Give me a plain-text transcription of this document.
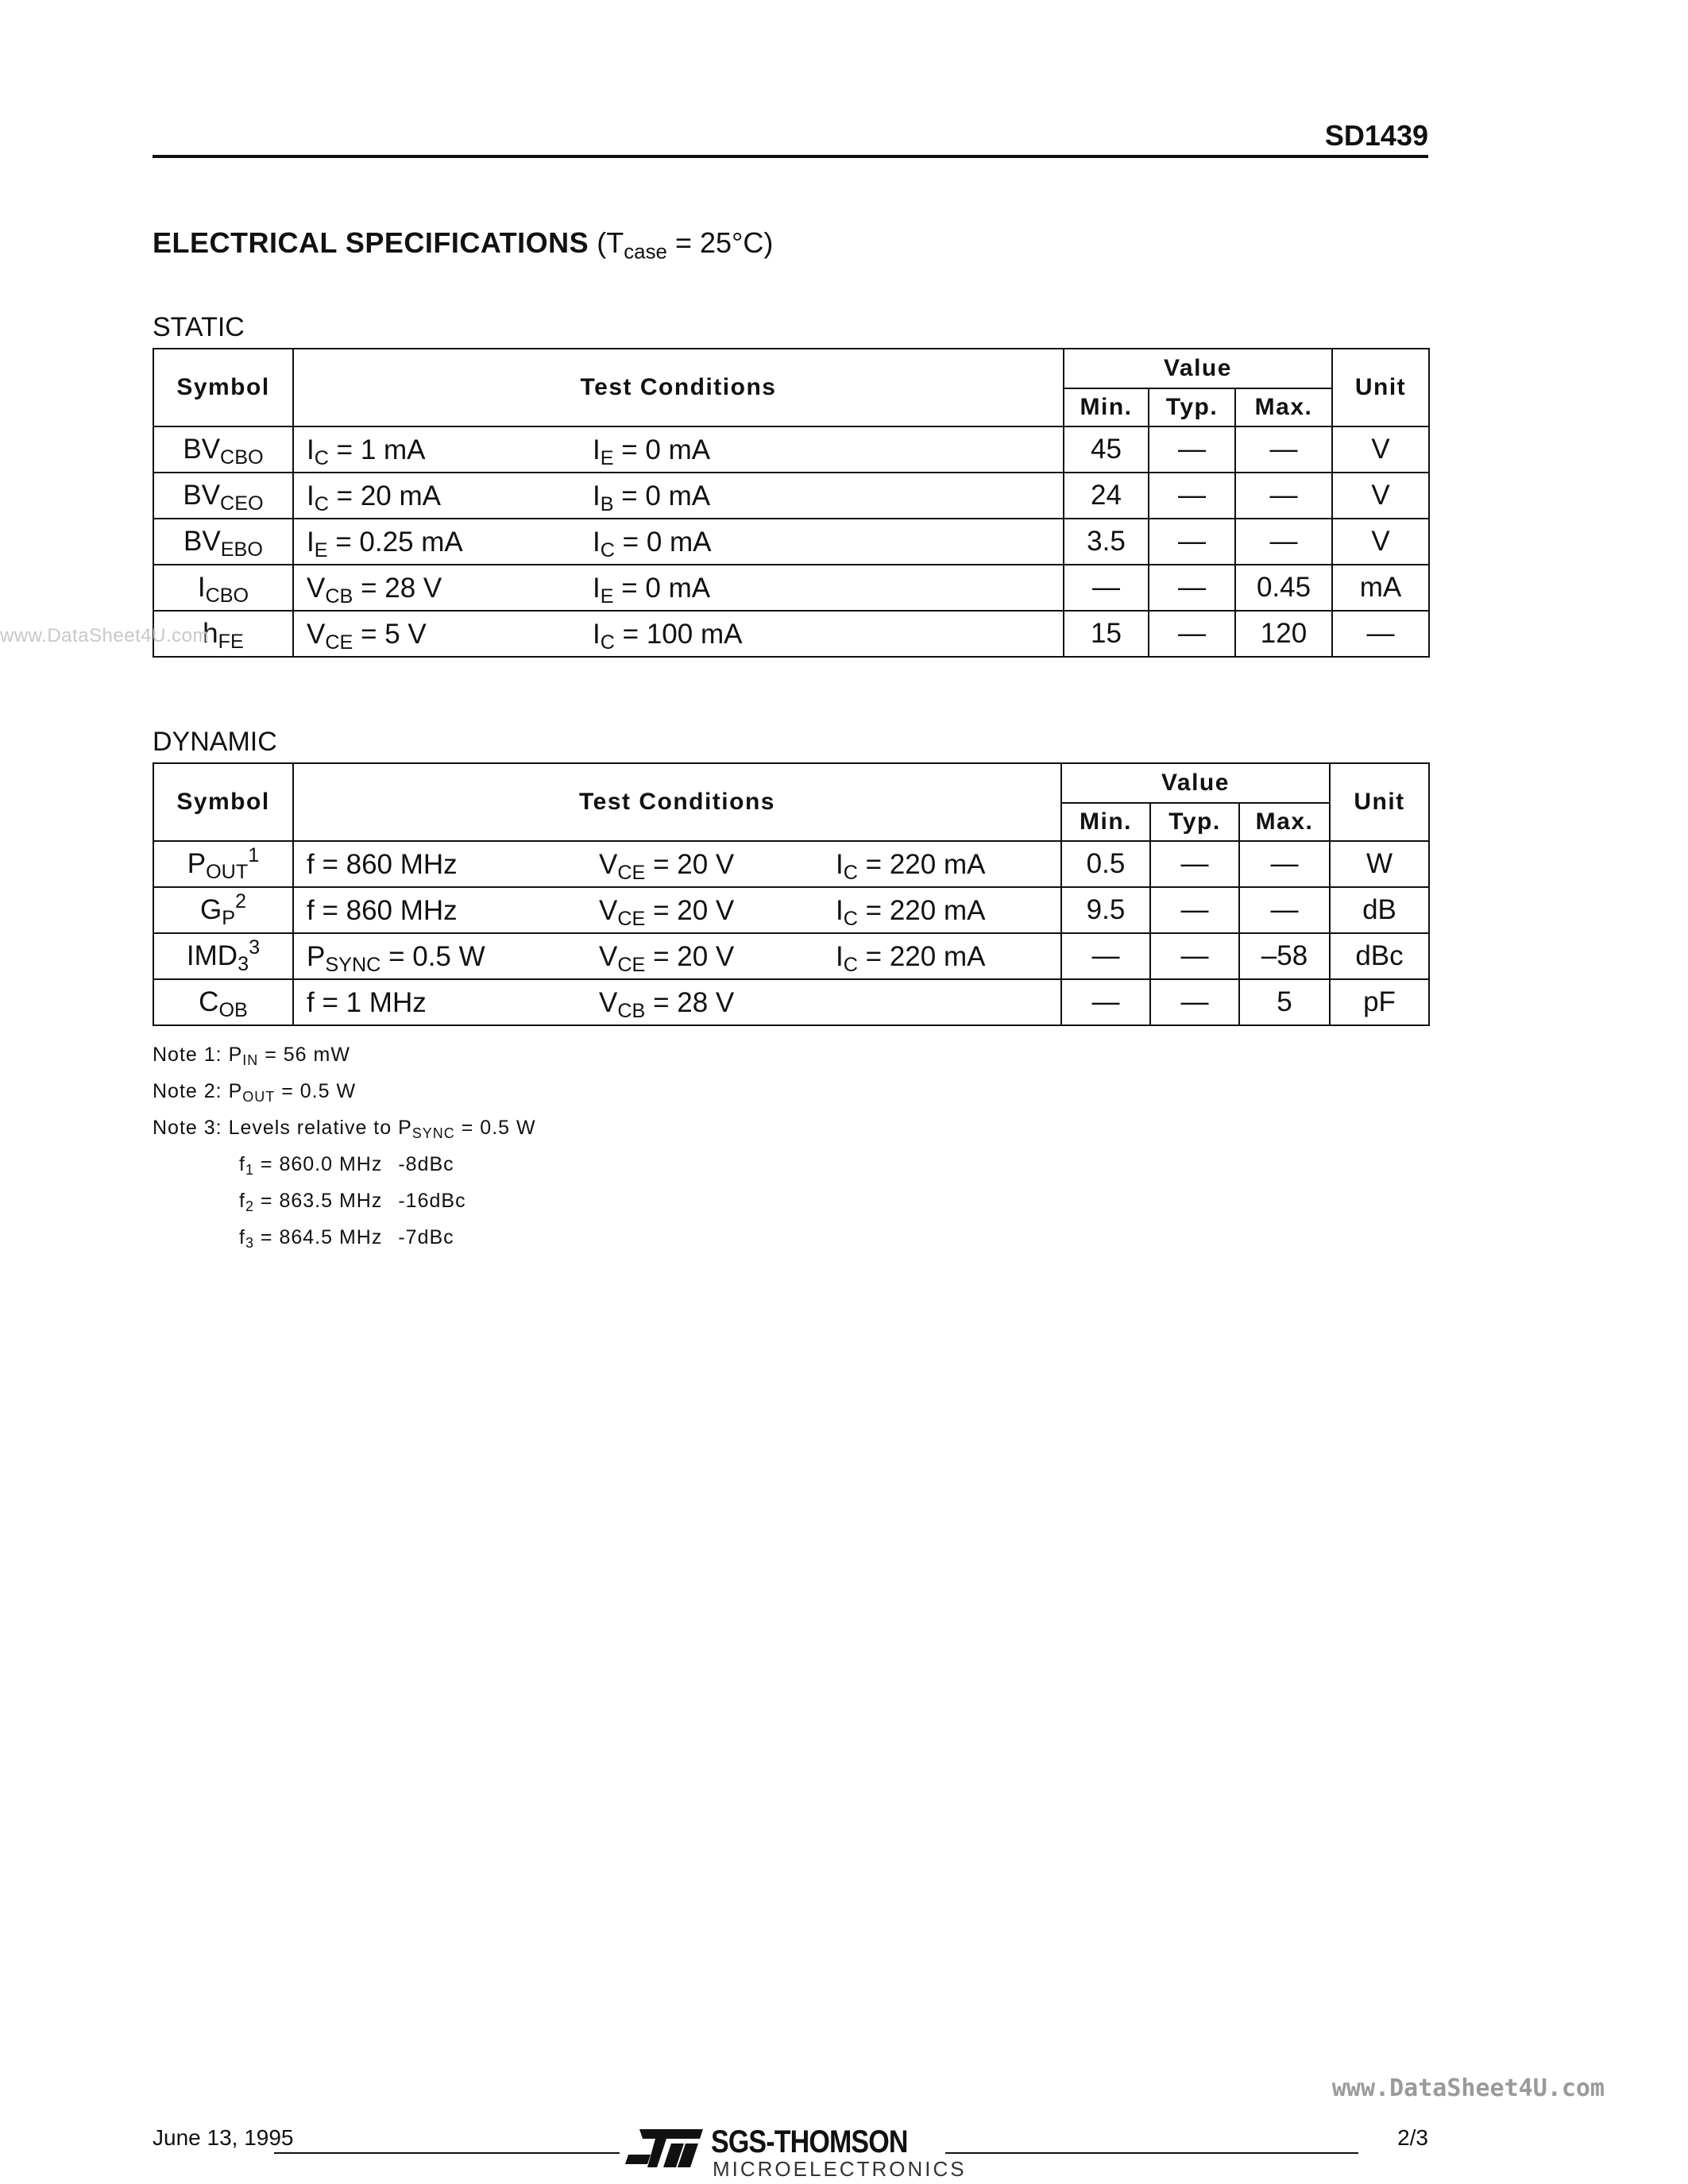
SD1439
ELECTRICAL SPECIFICATIONS $(T_{case} = 25^\circ C)$
STATIC
Symbol	Test Conditions	Value			Unit
		Min.	Typ.	Max.	
$BV_{CBO}$	$I_C = 1$ mA $I_E = 0$ mA	45	—	—	V
$BV_{CEO}$	$I_C = 20$ mA $I_B = 0$ mA	24	—	—	V
$BV_{EBO}$	$I_E = 0.25$ mA $I_C = 0$ mA	3.5	—	—	V
$I_{CBO}$	$V_{CB} = 28$ V $I_E = 0$ mA	—	—	0.45	mA
$h_{FE}$	$V_{CE} = 5$ V $I_C = 100$ mA	15	—	120	—
DYNAMIC
Symbol	Test Conditions	Value			Unit
		Min.	Typ.	Max.	
$P_{OUT}^1$	f = 860 MHz $V_{CE} = 20$ V $I_C = 220$ mA	0.5	—	—	W
$G_P^2$	f = 860 MHz $V_{CE} = 20$ V $I_C = 220$ mA	9.5	—	—	dB
$IMD_3^3$	$P_{SYNC} = 0.5$ W $V_{CE} = 20$ V $I_C = 220$ mA	—	—	–58	dBc
$C_{OB}$	f = 1 MHz $V_{CB} = 28$ V	—	—	5	pF
Note 1: $P_{IN} = 56$ mW
Note 2: $P_{OUT} = 0.5$ W
Note 3: Levels relative to $P_{SYNC} = 0.5$ W
$f_1 = 860.0$ MHz -8dBc
$f_2 = 863.5$ MHz -16dBc
$f_3 = 864.5$ MHz -7dBc
www.DataSheet4U.com
www.DataSheet4U.com
June 13, 1995	SGS-THOMSON
MICROELECTRONICS
2/3
